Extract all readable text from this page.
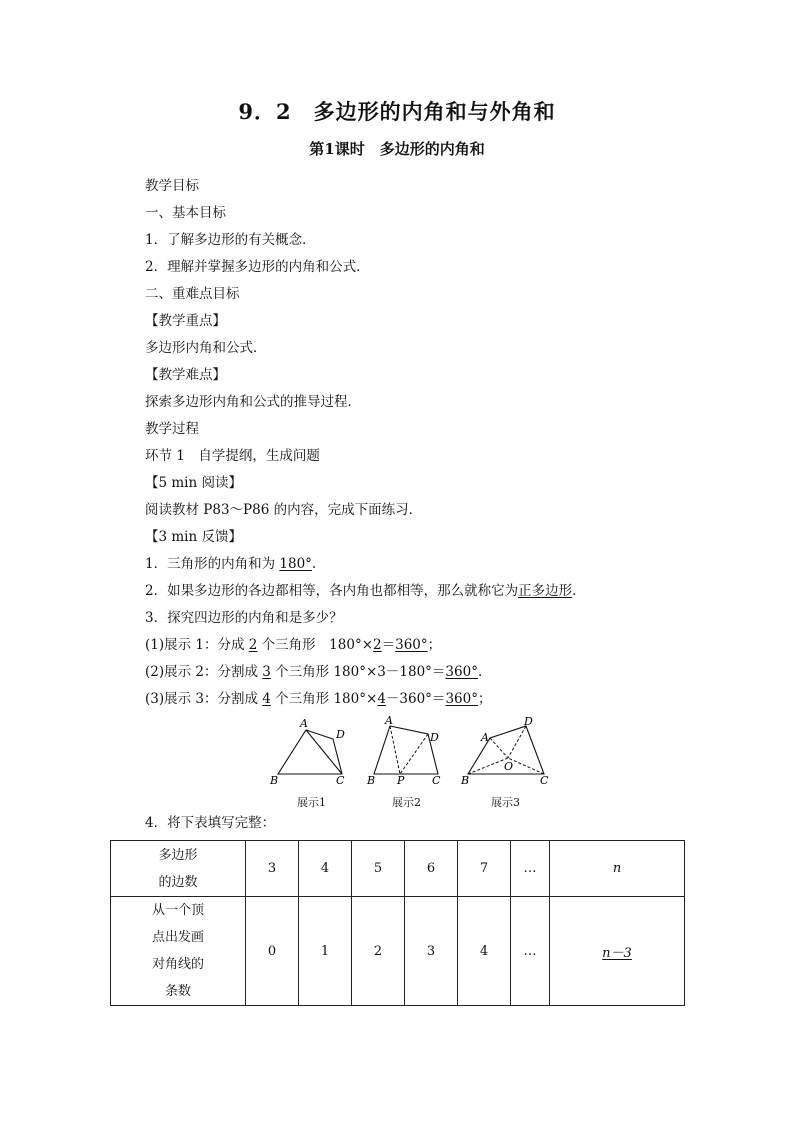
9．2　多边形的内角和与外角和
第1课时　多边形的内角和
教学目标
一、基本目标
1．了解多边形的有关概念．
2．理解并掌握多边形的内角和公式．
二、重难点目标
【教学重点】
多边形内角和公式．
【教学难点】
探索多边形内角和公式的推导过程．
教学过程
环节 1　自学提纲，生成问题
【5 min 阅读】
阅读教材 P83～P86 的内容，完成下面练习．
【3 min 反馈】
1．三角形的内角和为 180°.
2．如果多边形的各边都相等，各内角也都相等，那么就称它为正多边形.
3．探究四边形的内角和是多少？
(1)展示 1：分成 2 个三角形　180°×2＝360°；
(2)展示 2：分割成 3 个三角形 180°×3－180°＝360°.
(3)展示 3：分割成 4 个三角形 180°×4－360°＝360°；
A
B	C
D
展示1
A
B P	C
D
展示2
A
B	C
D
O
展示3
4．将下表填写完整：
多边形
的边数	3	4	5	6	7	…	n

从一个顶
点出发画
对角线的
条数	0	1	2	3	4	…	n－3
